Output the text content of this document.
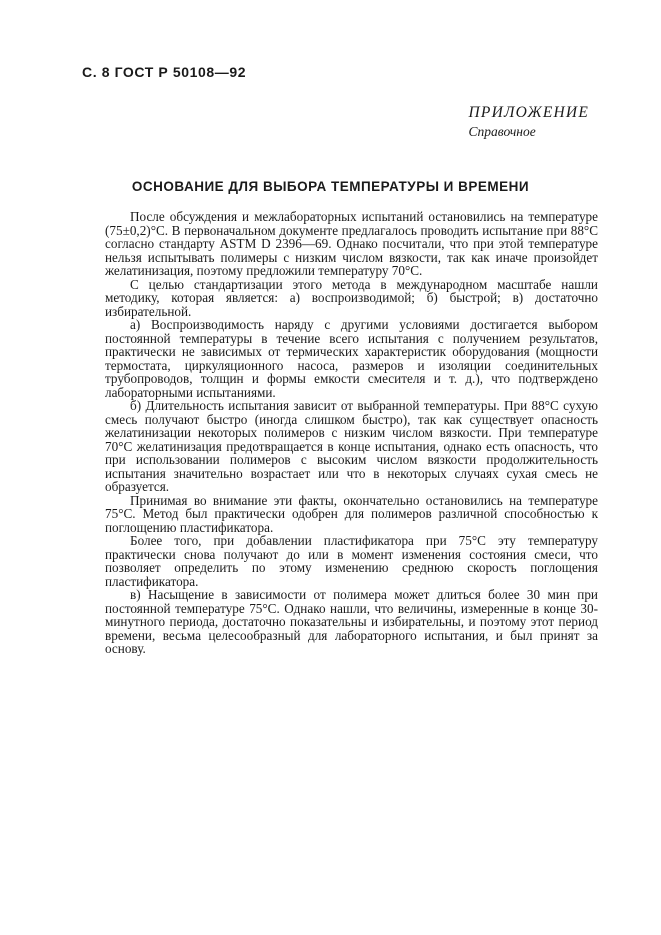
С. 8 ГОСТ Р 50108—92
ПРИЛОЖЕНИЕ
Справочное
ОСНОВАНИЕ ДЛЯ ВЫБОРА ТЕМПЕРАТУРЫ И ВРЕМЕНИ

После обсуждения и межлабораторных испытаний остановились на температуре (75±0,2)°С. В первоначальном документе предлагалось проводить испытание при 88°С согласно стандарту ASTM D 2396—69. Однако посчитали, что при этой температуре нельзя испытывать полимеры с низким числом вязкости, так как иначе произойдет желатинизация, поэтому предложили температуру 70°С.

С целью стандартизации этого метода в международном масштабе нашли методику, которая является: а) воспроизводимой; б) быстрой; в) достаточно избирательной.

а) Воспроизводимость наряду с другими условиями достигается выбором постоянной температуры в течение всего испытания с получением результатов, практически не зависимых от термических характеристик оборудования (мощности термостата, циркуляционного насоса, размеров и изоляции соединительных трубопроводов, толщин и формы емкости смесителя и т. д.), что подтверждено лабораторными испытаниями.

б) Длительность испытания зависит от выбранной температуры. При 88°С сухую смесь получают быстро (иногда слишком быстро), так как существует опасность желатинизации некоторых полимеров с низким числом вязкости. При температуре 70°С желатинизация предотвращается в конце испытания, однако есть опасность, что при использовании полимеров с высоким числом вязкости продолжительность испытания значительно возрастает или что в некоторых случаях сухая смесь не образуется.

Принимая во внимание эти факты, окончательно остановились на температуре 75°С. Метод был практически одобрен для полимеров различной способностью к поглощению пластификатора.

Более того, при добавлении пластификатора при 75°С эту температуру практически снова получают до или в момент изменения состояния смеси, что позволяет определить по этому изменению среднюю скорость поглощения пластификатора.

в) Насыщение в зависимости от полимера может длиться более 30 мин при постоянной температуре 75°С. Однако нашли, что величины, измеренные в конце 30-минутного периода, достаточно показательны и избирательны, и поэтому этот период времени, весьма целесообразный для лабораторного испытания, и был принят за основу.
